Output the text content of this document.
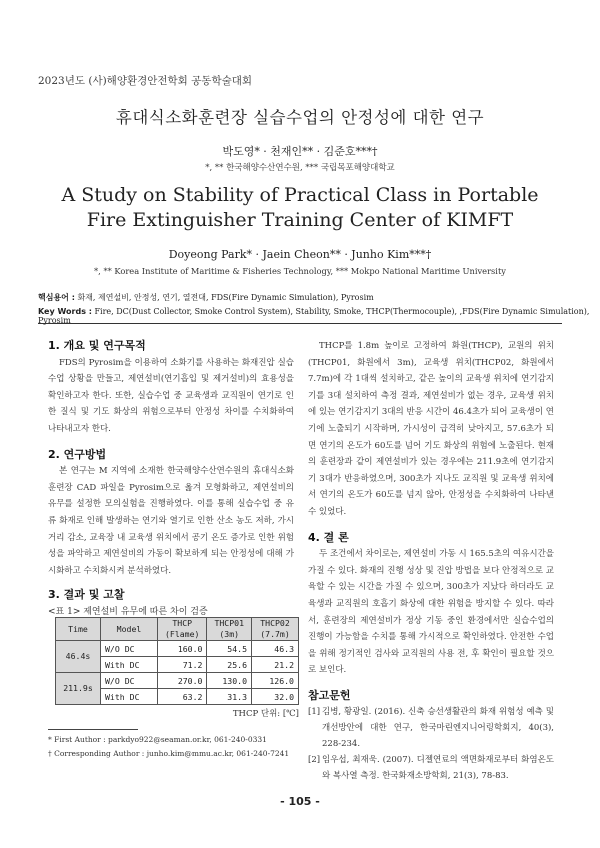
2023년도 (사)해양환경안전학회 공동학술대회
휴대식소화훈련장 실습수업의 안정성에 대한 연구
박도영* · 천재인** · 김준호***†
*, ** 한국해양수산연수원, *** 국립목포해양대학교
A Study on Stability of Practical Class in Portable
Fire Extinguisher Training Center of KIMFT
Doyeong Park* · Jaein Cheon** · Junho Kim***†
*, ** Korea Institute of Maritime & Fisheries Technology, *** Mokpo National Maritime University
핵심용어 : 화재, 제연설비, 안정성, 연기, 열전대, FDS(Fire Dynamic Simulation), Pyrosim
Key Words : Fire, DC(Dust Collector, Smoke Control System), Stability, Smoke, THCP(Thermocouple), ,FDS(Fire Dynamic Simulation), Pyrosim
1. 개요 및 연구목적

FDS의 Pyrosim을 이용하여 소화기를 사용하는 화재진압 실습수업 상황을 만들고, 제연설비(연기흡입 및 제거설비)의 효용성을 확인하고자 한다. 또한, 실습수업 중 교육생과 교직원이 연기로 인한 질식 및 기도 화상의 위험으로부터 안정성 차이를 수치화하여 나타내고자 한다.

2. 연구방법

본 연구는 M 지역에 소재한 한국해양수산연수원의 휴대식소화훈련장 CAD 파일을 Pyrosim으로 옮겨 모형화하고, 제연설비의 유무를 설정한 모의실험을 진행하였다. 이를 통해 실습수업 중 유류 화재로 인해 발생하는 연기와 열기로 인한 산소 농도 저하, 가시거리 감소, 교육장 내 교육생 위치에서 공기 온도 증가로 인한 위험성을 파악하고 제연설비의 가동이 확보하게 되는 안정성에 대해 가시화하고 수치화시켜 분석하였다.

3. 결과 및 고찰
<표 1> 제연설비 유무에 따른 차이 검증
Time	Model	THCP (Flame)	THCP01 (3m)	THCP02 (7.7m)
46.4s	W/O DC	160.0	54.5	46.3
	With DC	71.2	25.6	21.2
211.9s	W/O DC	270.0	130.0	126.0
	With DC	63.2	31.3	32.0
THCP 단위: [℃]
* First Author : parkdyo922@seaman.or.kr, 061-240-0331
† Corresponding Author : junho.kim@mmu.ac.kr, 061-240-7241

THCP를 1.8m 높이로 고정하여 화원(THCP), 교원의 위치(THCP01, 화원에서 3m), 교육생 위치(THCP02, 화원에서 7.7m)에 각 1대씩 설치하고, 같은 높이의 교육생 위치에 연기감지기를 3대 설치하여 측정 결과, 제연설비가 없는 경우, 교육생 위치에 있는 연기감지기 3대의 반응 시간이 46.4초가 되어 교육생이 연기에 노출되기 시작하며, 가시성이 급격히 낮아지고, 57.6초가 되면 연기의 온도가 60도를 넘어 기도 화상의 위험에 노출된다. 현재의 훈련장과 같이 제연설비가 있는 경우에는 211.9초에 연기감지기 3대가 반응하였으며, 300초가 지나도 교직원 및 교육생 위치에서 연기의 온도가 60도를 넘지 않아, 안정성을 수치화하여 나타낸 수 있었다.

4. 결 론

두 조건에서 차이로는, 제연설비 가동 시 165.5초의 여유시간을 가질 수 있다. 화재의 진행 성상 및 진압 방법을 보다 안정적으로 교육할 수 있는 시간을 가질 수 있으며, 300초가 지났다 하더라도 교육생과 교직원의 호흡기 화상에 대한 위험을 방지할 수 있다. 따라서, 훈련장의 제연설비가 정상 기동 중인 환경에서만 실습수업의 진행이 가능함을 수치를 통해 가시적으로 확인하였다. 안전한 수업을 위해 정기적인 검사와 교직원의 사용 전, 후 확인이 필요할 것으로 보인다.

참고문헌
[1] 김병, 황광일. (2016). 신축 승선생활관의 화재 위험성 예측 및 개선방안에 대한 연구, 한국마린엔지니어링학회지, 40(3), 228-234.
[2] 임우섭, 최재욱. (2007). 디젤연료의 액면화재로부터 화염온도와 복사열 측정. 한국화재소방학회, 21(3), 78-83.
- 105 -
